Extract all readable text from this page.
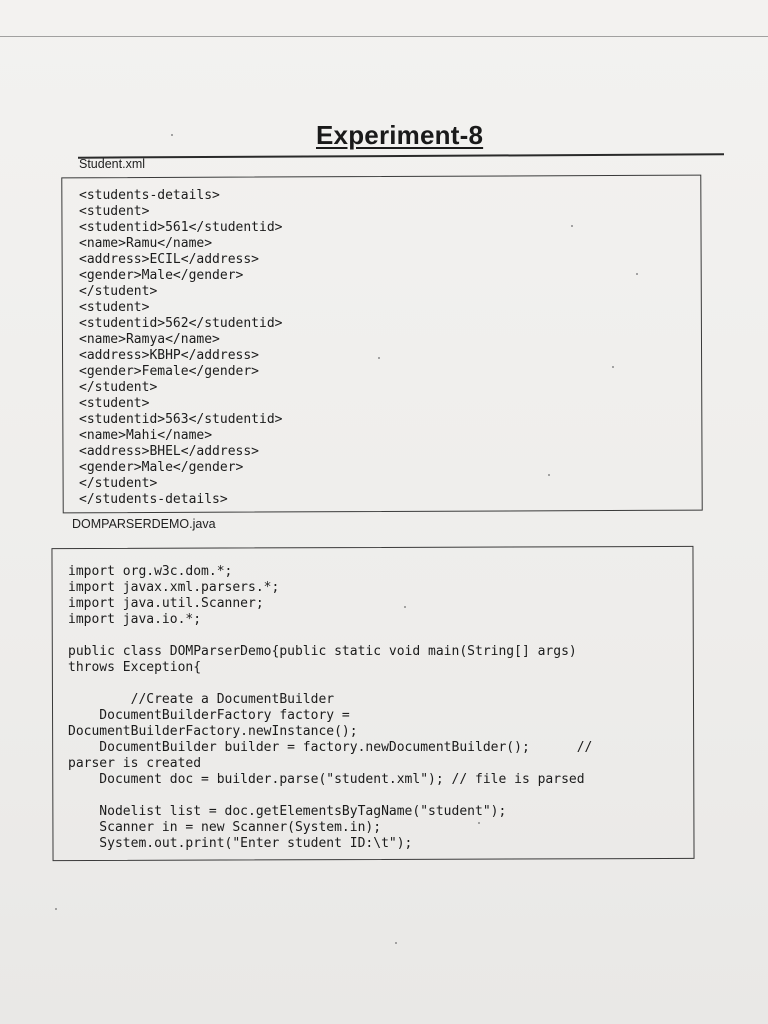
Experiment-8
Student.xml
<students-details>
<student>
<studentid>561</studentid>
<name>Ramu</name>
<address>ECIL</address>
<gender>Male</gender>
</student>
<student>
<studentid>562</studentid>
<name>Ramya</name>
<address>KBHP</address>
<gender>Female</gender>
</student>
<student>
<studentid>563</studentid>
<name>Mahi</name>
<address>BHEL</address>
<gender>Male</gender>
</student>
</students-details>
DOMPARSERDEMO.java
import org.w3c.dom.*;
import javax.xml.parsers.*;
import java.util.Scanner;
import java.io.*;

public class DOMParserDemo{public static void main(String[] args)
throws Exception{

//Create a DocumentBuilder
DocumentBuilderFactory factory =
DocumentBuilderFactory.newInstance();
DocumentBuilder builder = factory.newDocumentBuilder();      //
parser is created
Document doc = builder.parse("student.xml"); // file is parsed

Nodelist list = doc.getElementsByTagName("student");
Scanner in = new Scanner(System.in);
System.out.print("Enter student ID:\t");
